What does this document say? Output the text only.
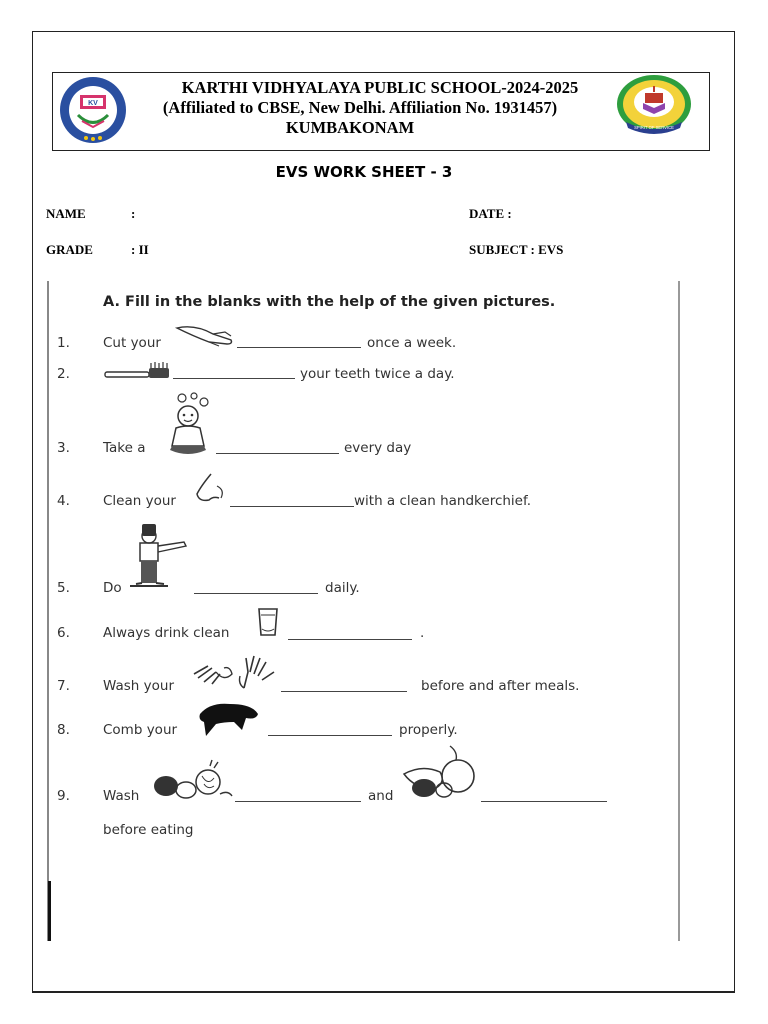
KV
SPIRIT OF SERVICE
KARTHI VIDHYALAYA PUBLIC SCHOOL-2024-2025
(Affiliated to CBSE, New Delhi. Affiliation No. 1931457)
KUMBAKONAM
EVS WORK SHEET - 3
NAME	:	DATE :
GRADE	: II	SUBJECT : EVS
A. Fill in the blanks with the help of the given pictures.
1. Cut your	once a week.
2.	your teeth twice a day.
3. Take a	every day
4. Clean your	with a clean handkerchief.
5. Do	daily.
6. Always drink clean	.
7. Wash your	before and after meals.
8. Comb your	properly.
9. Wash	and
before eating
